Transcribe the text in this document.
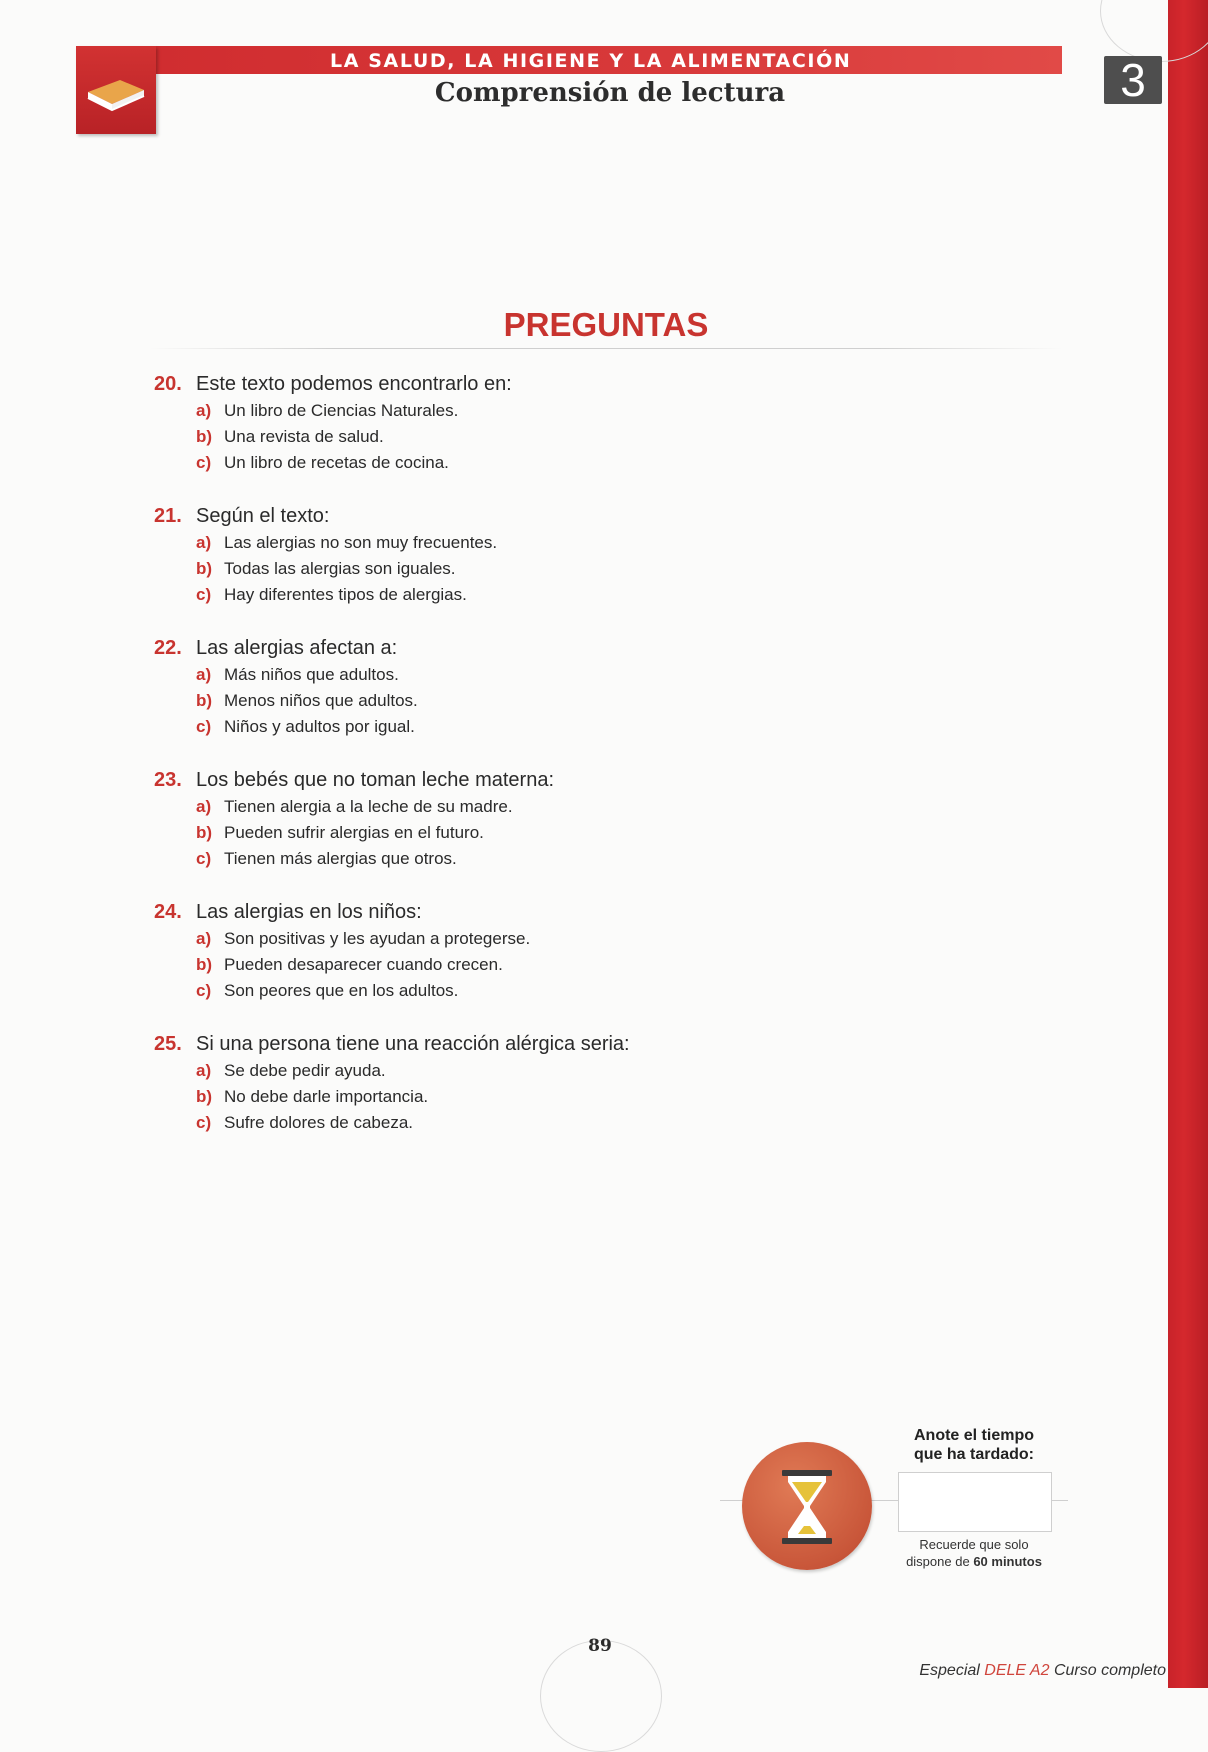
LA SALUD, LA HIGIENE Y LA ALIMENTACIÓN
Comprensión de lectura	3
PREGUNTAS
20. Este texto podemos encontrarlo en:
a) Un libro de Ciencias Naturales.
b) Una revista de salud.
c) Un libro de recetas de cocina.
21. Según el texto:
a) Las alergias no son muy frecuentes.
b) Todas las alergias son iguales.
c) Hay diferentes tipos de alergias.
22. Las alergias afectan a:
a) Más niños que adultos.
b) Menos niños que adultos.
c) Niños y adultos por igual.
23. Los bebés que no toman leche materna:
a) Tienen alergia a la leche de su madre.
b) Pueden sufrir alergias en el futuro.
c) Tienen más alergias que otros.
24. Las alergias en los niños:
a) Son positivas y les ayudan a protegerse.
b) Pueden desaparecer cuando crecen.
c) Son peores que en los adultos.
25. Si una persona tiene una reacción alérgica seria:
a) Se debe pedir ayuda.
b) No debe darle importancia.
c) Sufre dolores de cabeza.
Anote el tiempo
que ha tardado:
Recuerde que solo
dispone de 60 minutos
89
Especial DELE A2 Curso completo
